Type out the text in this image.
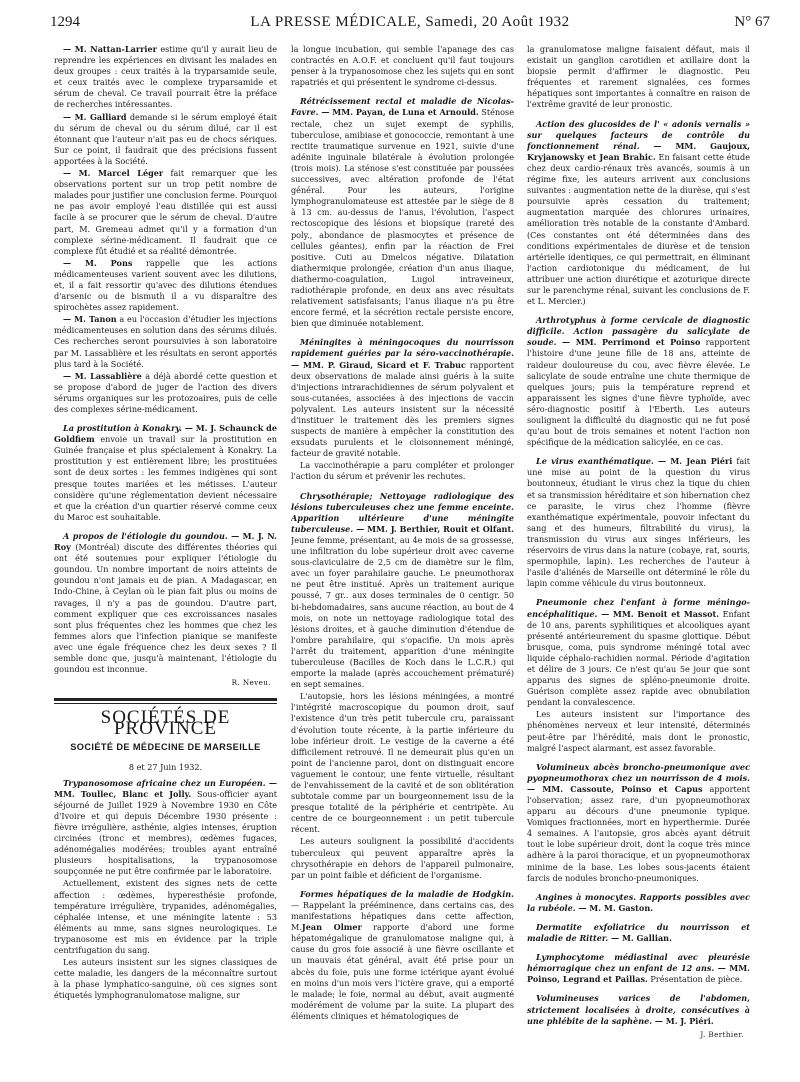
1294	LA PRESSE MÉDICALE, Samedi, 20 Août 1932	N° 67

— M. Nattan-Larrier estime qu'il y aurait lieu de reprendre les expériences en divisant les malades en deux groupes : ceux traités à la tryparsamide seule, et ceux traités avec le complexe tryparsamide et sérum de cheval. Ce travail pourrait être la préface de recherches intéressantes.

— M. Galliard demande si le sérum employé était du sérum de cheval ou du sérum dilué, car il est étonnant que l'auteur n'ait pas eu de chocs sériques. Sur ce point, il faudrait que des précisions fussent apportées à la Société.

— M. Marcel Léger fait remarquer que les observations portent sur un trop petit nombre de malades pour justifier une conclusion ferme. Pourquoi ne pas avoir employé l'eau distillée qui est aussi facile à se procurer que le sérum de cheval. D'autre part, M. Gremeau admet qu'il y a formation d'un complexe sérine-médicament. Il faudrait que ce complexe fût étudié et sa réalité démontrée.

— M. Pons rappelle que les actions médicamenteuses varient souvent avec les dilutions, et, il a fait ressortir qu'avec des dilutions étendues d'arsenic ou de bismuth il a vu disparaître des spirochètes assez rapidement.

— M. Tanon a eu l'occasion d'étudier les injections médicamenteuses en solution dans des sérums dilués. Ces recherches seront poursuivies à son laboratoire par M. Lassablière et les résultats en seront apportés plus tard à la Société.

— M. Lassablière a déjà abordé cette question et se propose d'abord de juger de l'action des divers sérums organiques sur les protozoaires, puis de celle des complexes sérine-médicament.

La prostitution à Konakry. — M. J. Schaunck de Goldfiem envoie un travail sur la prostitution en Guinée française et plus spécialement à Konakry. La prostitution y est entièrement libre; les prostituées sont de deux sortes : les femmes indigènes qui sont presque toutes mariées et les métisses. L'auteur considère qu'une réglementation devient nécessaire et que la création d'un quartier réservé comme ceux du Maroc est souhaitable.

A propos de l'étiologie du goundou. — M. J. N. Roy (Montréal) discute des différentes théories qui ont été soutenues pour expliquer l'étiologie du goundou. Un nombre important de noirs atteints de goundou n'ont jamais eu de pian. A Madagascar, en Indo-Chine, à Ceylan où le pian fait plus ou moins de ravages, il n'y a pas de goundou. D'autre part, comment expliquer que ces excroissances nasales sont plus fréquentes chez les hommes que chez les femmes alors que l'infection pianique se manifeste avec une égale fréquence chez les deux sexes ? Il semble donc que, jusqu'à maintenant, l'étiologie du goundou est inconnue.

R. Neveu.
SOCIÉTÉS DE PROVINCE
SOCIÉTÉ DE MÉDECINE DE MARSEILLE
8 et 27 Juin 1932.

Trypanosomose africaine chez un Européen. — MM. Toullec, Blanc et Jolly. Sous-officier ayant séjourné de Juillet 1929 à Novembre 1930 en Côte d'Ivoire et qui depuis Décembre 1930 présente : fièvre irrégulière, asthénie, algies intenses, éruption circinées (tronc et membres), œdèmes fugaces, adénomégalies modérées; troubles ayant entraîné plusieurs hospitalisations, la trypanosomose soupçonnée ne put être confirmée par le laboratoire.

Actuellement, existent des signes nets de cette affection : œdèmes, hyperesthésie profonde, température irrégulière, trypanides, adénomégalies, céphalée intense, et une méningite latente : 53 éléments au mme, sans signes neurologiques. Le trypanosome est mis en évidence par la triple centrifugation du sang.

Les auteurs insistent sur les signes classiques de cette maladie, les dangers de la méconnaître surtout à la phase lymphatico-sanguine, où ces signes sont étiquetés lymphogranulomatose maligne, sur

la longue incubation, qui semble l'apanage des cas contractés en A.O.F. et concluent qu'il faut toujours penser à la trypanosomose chez les sujets qui en sont rapatriés et qui présentent le syndrome ci-dessus.

Rétrécissement rectal et maladie de Nicolas-Favre. — MM. Payan, de Luna et Arnould. Sténose rectale, chez un sujet exempt de syphilis, tuberculose, amibiase et gonococcie, remontant à une rectite traumatique survenue en 1921, suivie d'une adénite inguinale bilatérale à évolution prolongée (trois mois). La sténose s'est constituée par poussées successives, avec altération profonde de l'état général. Pour les auteurs, l'origine lymphogranulomateuse est attestée par le siège de 8 à 13 cm. au-dessus de l'anus, l'évolution, l'aspect rectoscopique des lésions et biopsique (rareté des poly., abondance de plasmocytes et présence de cellules géantes), enfin par la réaction de Frei positive. Cuti au Dmelcos négative. Dilatation diathermique prolongée, création d'un anus iliaque, diathermo-coagulation, Lugol intraveineux, radiothérapie profonde, en deux ans avec résultats relativement satisfaisants; l'anus iliaque n'a pu être encore fermé, et la sécrétion rectale persiste encore, bien que diminuée notablement.

Méningites à méningocoques du nourrisson rapidement guéries par la séro-vaccinothérapie. — MM. P. Giraud, Sicard et F. Trabuc rapportent deux observations de malade ainsi guéris à la suite d'injections intrarachidiennes de sérum polyvalent et sous-cutanées, associées à des injections de vaccin polyvalent. Les auteurs insistent sur la nécessité d'instituer le traitement dès les premiers signes suspects de manière à empêcher la constitution des exsudats purulents et le cloisonnement méningé, facteur de gravité notable.

La vaccinothérapie a paru compléter et prolonger l'action du sérum et prévenir les rechutes.

Chrysothérapie; Nettoyage radiologique des lésions tuberculeuses chez une femme enceinte. Apparition ultérieure d'une méningite tuberculeuse. — MM. J. Berthier, Rouit et Olfant. Jeune femme, présentant, au 4e mois de sa grossesse, une infiltration du lobe supérieur droit avec caverne sous-claviculaire de 2,5 cm de diamètre sur le film, avec un foyer parahilaire gauche. Le pneumothorax ne peut être institué. Après un traitement aurique poussé, 7 gr.. aux doses terminales de 0 centigr. 50 bi-hebdomadaires, sans aucune réaction, au bout de 4 mois, on note un nettoyage radiologique total des lésions droites, et à gauche diminution d'étendue de l'ombre parahilaire, qui s'opacifie. Un mois après l'arrêt du traitement, apparition d'une méningite tuberculeuse (Bacilles de Koch dans le L.C.R.) qui emporte la malade (après accouchement prématuré) en sept semaines.

L'autopsie, hors les lésions méningées, a montré l'intégrité macroscopique du poumon droit, sauf l'existence d'un très petit tubercule cru, paraissant d'évolution toute récente, à la partie inférieure du lobe inférieur droit. Le vestige de la caverne a été difficilement retrouvé. Il ne demeurait plus qu'en un point de l'ancienne paroi, dont on distinguait encore vaguement le contour, une fente virtuelle, résultant de l'envahissement de la cavité et de son oblitération subtotale comme par un bourgeonnement issu de la presque totalité de la périphérie et centripète. Au centre de ce bourgeonnement : un petit tubercule récent.

Les auteurs soulignent la possibilité d'accidents tuberculeux qui peuvent apparaître après la chrysothérapie en dehors de l'appareil pulmonaire, par un point faible et déficient de l'organisme.

Formes hépatiques de la maladie de Hodgkin. — Rappelant la prééminence, dans certains cas, des manifestations hépatiques dans cette affection, M.Jean Olmer rapporte d'abord une forme hépatomégalique de granulomatose maligne qui, à cause du gros foie associé à une fièvre oscillante et un mauvais état général, avait été prise pour un abcès du foie, puis une forme ictérique ayant évolué en moins d'un mois vers l'ictère grave, qui a emporté le malade; le foie, normal au début, avait augmenté modérément de volume par la suite. La plupart des éléments cliniques et hématologiques de

la granulomatose maligne faisaient défaut, mais il existait un ganglion carotidien et axillaire dont la biopsie permit d'affirmer le diagnostic. Peu fréquentes et rarement signalées, ces formes hépatiques sont importantes à connaître en raison de l'extrême gravité de leur pronostic.

Action des glucosides de l' « adonis vernalis » sur quelques facteurs de contrôle du fonctionnement rénal. — MM. Gaujoux, Kryjanowsky et Jean Brahic. En faisant cette étude chez deux cardio-rénaux très avancés, soumis à un régime fixe, les auteurs arrivent aux conclusions suivantes : augmentation nette de la diurèse, qui s'est poursuivie après cessation du traitement; augmentation marquée des chlorures urinaires, amélioration très notable de la constante d'Ambard. (Ces constantes ont été déterminées dans des conditions expérimentales de diurèse et de tension artérielle identiques, ce qui permettrait, en éliminant l'action cardiotonique du médicament, de lui attribuer une action diurétique et azoturique directe sur le parenchyme rénal, suivant les conclusions de F. et L. Mercier.)

Arthrotyphus à forme cervicale de diagnostic difficile. Action passagère du salicylate de soude. — MM. Perrimond et Poinso rapportent l'histoire d'une jeune fille de 18 ans, atteinte de raideur douloureuse du cou, avec fièvre élevée. Le salicylate de soude entraîne une chute thermique de quelques jours; puis la température reprend et apparaissent les signes d'une fièvre typhoïde, avec séro-diagnostic positif à l'Eberth. Les auteurs soulignent la difficulté du diagnostic qui ne fut posé qu'au bout de trois semaines et notent l'action non spécifique de la médication salicylée, en ce cas.

Le virus exanthématique. — M. Jean Piéri fait une mise au point de la question du virus boutonneux, étudiant le virus chez la tique du chien et sa transmission héréditaire et son hibernation chez ce parasite, le virus chez l'homme (fièvre exanthématique expérimentale, pouvoir infectant du sang et des humeurs, filtrabilité du virus), la transmission du virus aux singes inférieurs, les réservoirs de virus dans la nature (cobaye, rat, souris, spermophile, lapin). Les recherches de l'auteur à l'asile d'aliénés de Marseille ont déterminé le rôle du lapin comme véhicule du virus boutonneux.

Pneumonie chez l'enfant à forme méningo-encéphalitique. — MM. Benoit et Massot. Enfant de 10 ans, parents syphilitiques et alcooliques ayant présenté antérieurement du spasme glottique. Début brusque, coma, puis syndrome méningé total avec liquide céphalo-rachidien normal. Période d'agitation et délire de 3 jours. Ce n'est qu'au 5e jour que sont apparus des signes de spléno-pneumonie droite. Guérison complète assez rapide avec obnubilation pendant la convalescence.

Les auteurs insistent sur l'importance des phénomènes nerveux et leur intensité, déterminés peut-être par l'hérédité, mais dont le pronostic, malgré l'aspect alarmant, est assez favorable.

Volumineux abcès broncho-pneumonique avec pyopneumothorax chez un nourrisson de 4 mois. — MM. Cassoute, Poinso et Capus apportent l'observation; assez rare, d'un pyopneumothorax apparu au décours d'une pneumonie typique. Vomiques fractionnées, mort en hyperthermie. Durée 4 semaines. A l'autopsie, gros abcès ayant détruit tout le lobe supérieur droit, dont la coque très mince adhère à la paroi thoracique, et un pyopneumothorax minime de la base. Les lobes sous-jacents étaient farcis de nodules broncho-pneumoniques.

Angines à monocytes. Rapports possibles avec la rubéole. — M. M. Gaston.

Dermatite exfoliatrice du nourrisson et maladie de Ritter. — M. Gallian.

Lymphocytome médiastinal avec pleurésie hémorragique chez un enfant de 12 ans. — MM. Poinso, Legrand et Paillas. Présentation de pièce.

Volumineuses varices de l'abdomen, strictement localisées à droite, consécutives à une phlébite de la saphène. — M. J. Piéri.

J. Berthier.
